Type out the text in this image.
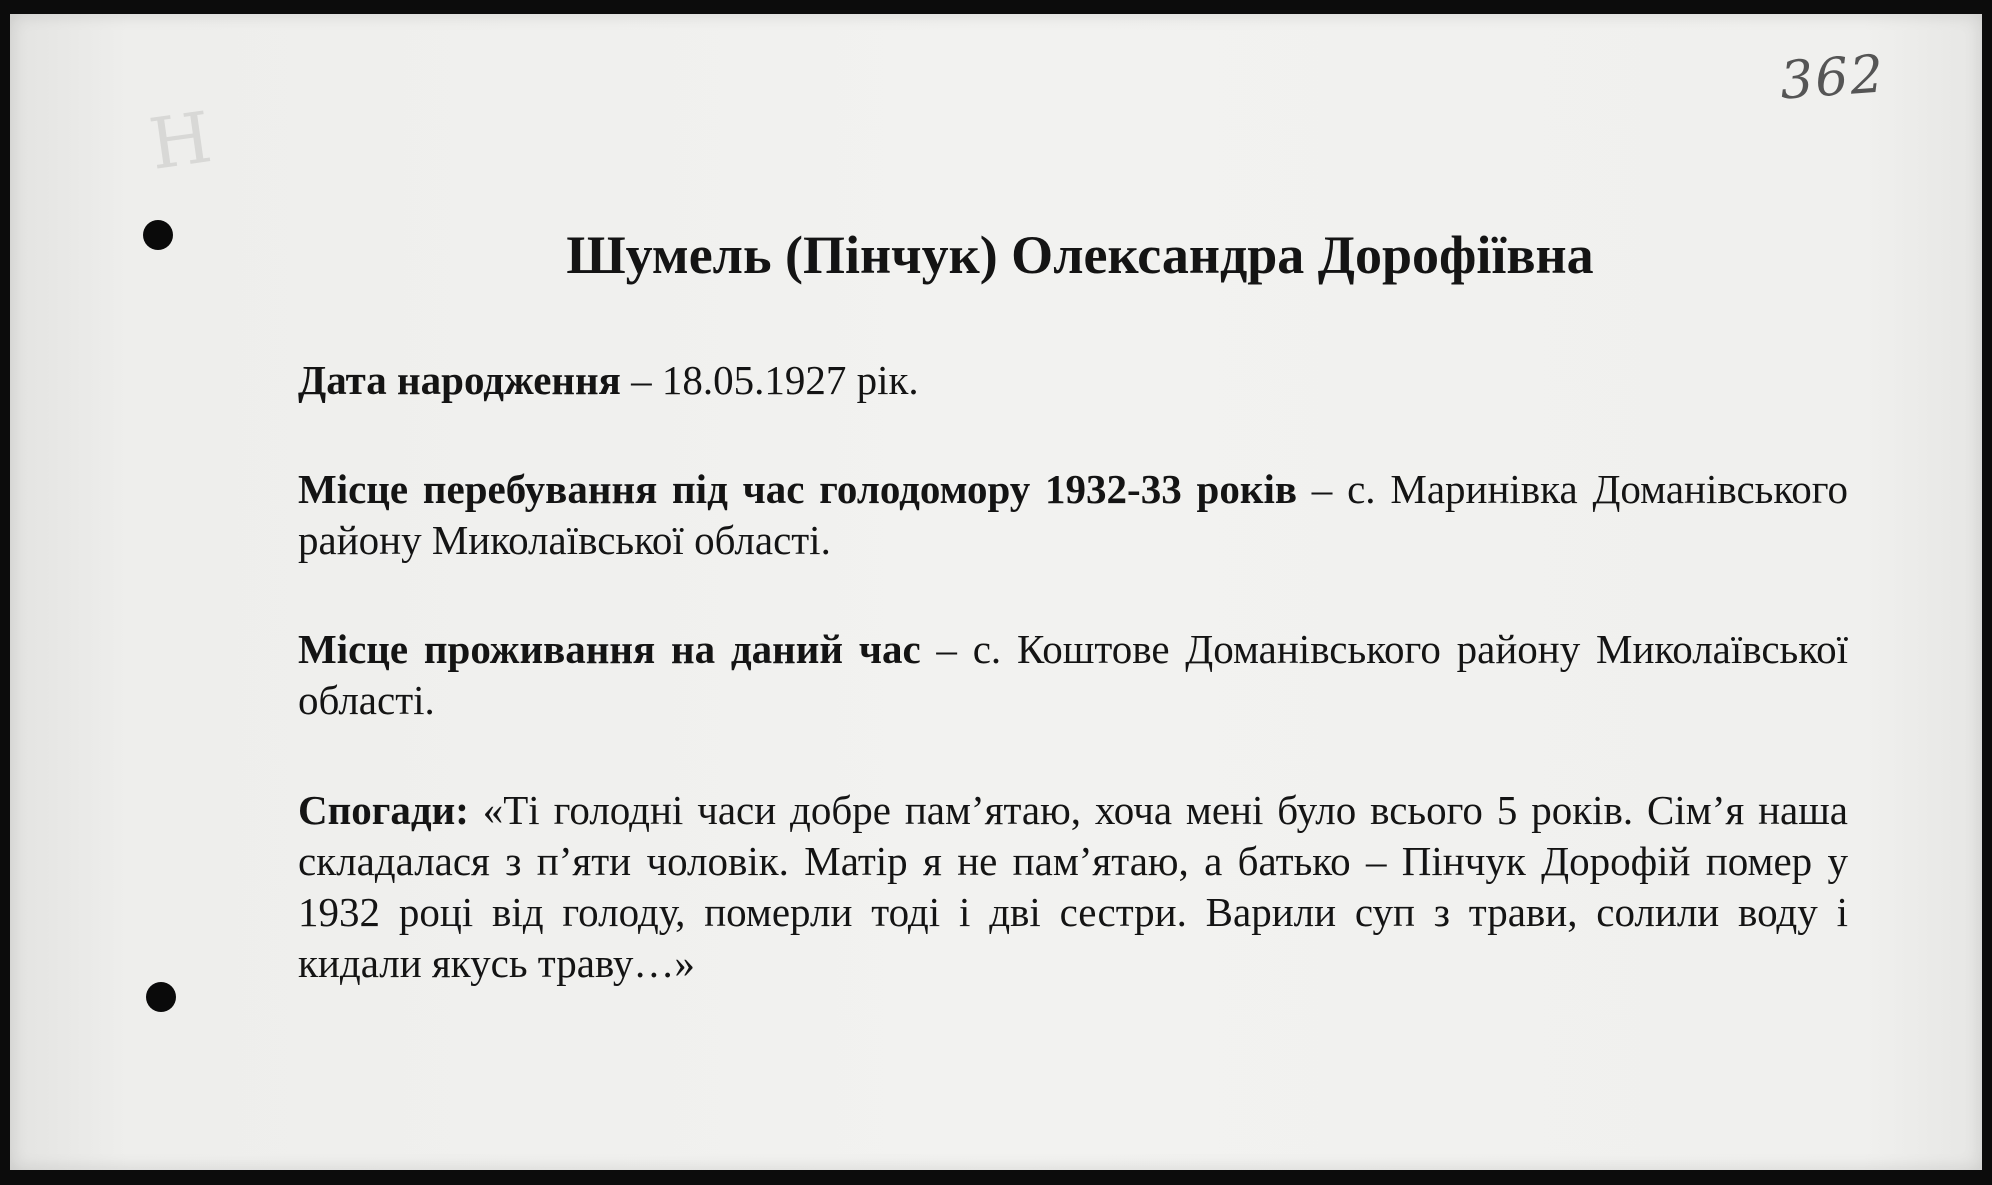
H
362
Шумель (Пінчук) Олександра Дорофіївна
Дата народження – 18.05.1927 рік.
Місце перебування під час голодомору 1932-33 років – с. Маринівка Доманівського району Миколаївської області.
Місце проживання на даний час – с. Коштове Доманівського району Миколаївської області.
Спогади: «Ті голодні часи добре пам’ятаю, хоча мені було всього 5 років. Сім’я наша складалася з п’яти чоловік. Матір я не пам’ятаю, а батько – Пінчук Дорофій помер у 1932 році від голоду, померли тоді і дві сестри. Варили суп з трави, солили воду і кидали якусь траву…»
